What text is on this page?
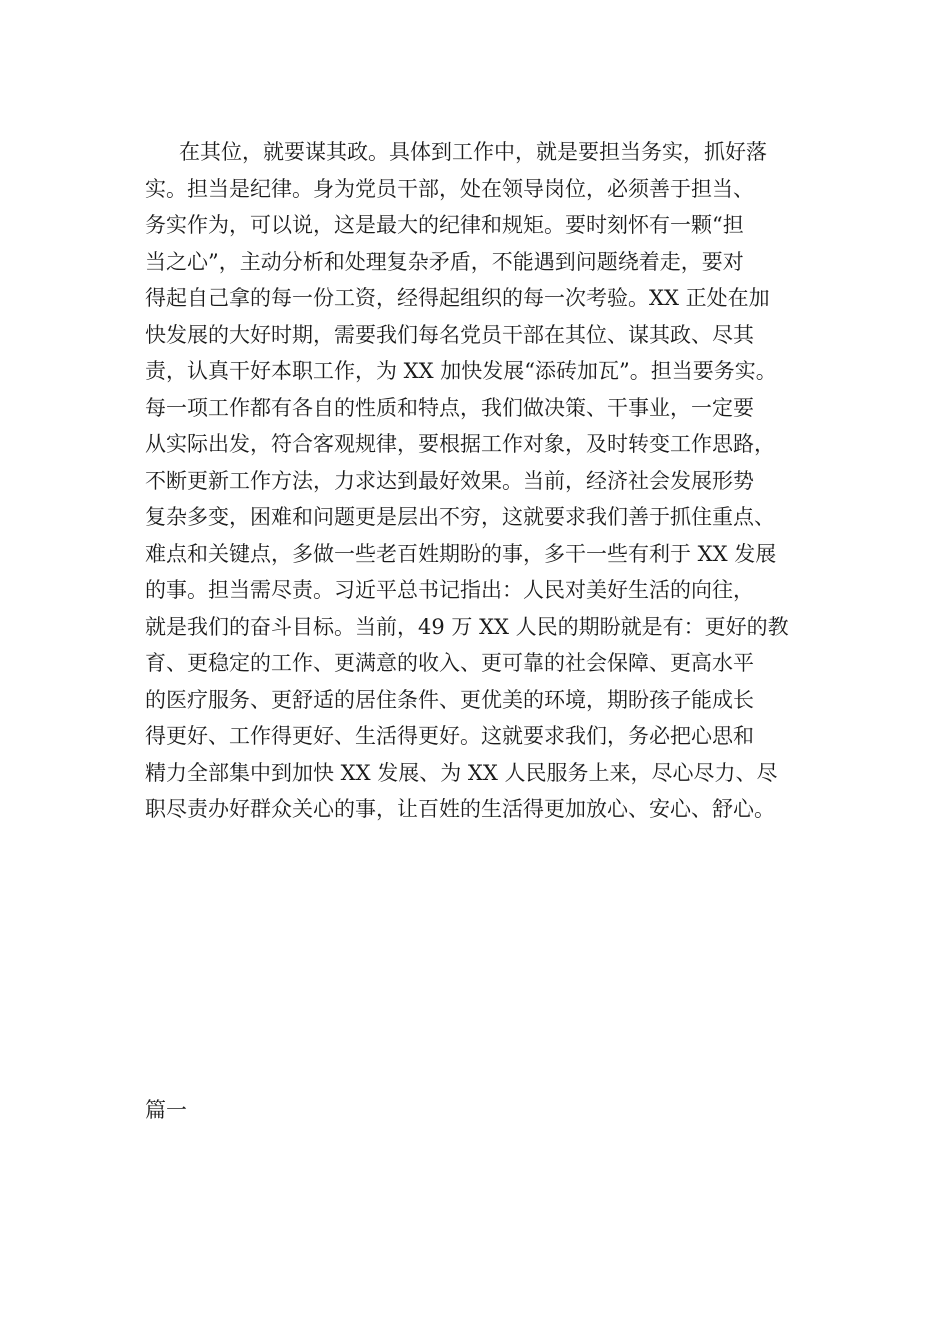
在其位，就要谋其政。具体到工作中，就是要担当务实，抓好落
实。担当是纪律。身为党员干部，处在领导岗位，必须善于担当、
务实作为，可以说，这是最大的纪律和规矩。要时刻怀有一颗“担
当之心”，主动分析和处理复杂矛盾，不能遇到问题绕着走，要对
得起自己拿的每一份工资，经得起组织的每一次考验。XX 正处在加
快发展的大好时期，需要我们每名党员干部在其位、谋其政、尽其
责，认真干好本职工作，为 XX 加快发展“添砖加瓦”。担当要务实。
每一项工作都有各自的性质和特点，我们做决策、干事业，一定要
从实际出发，符合客观规律，要根据工作对象，及时转变工作思路，
不断更新工作方法，力求达到最好效果。当前，经济社会发展形势
复杂多变，困难和问题更是层出不穷，这就要求我们善于抓住重点、
难点和关键点，多做一些老百姓期盼的事，多干一些有利于 XX 发展
的事。担当需尽责。习近平总书记指出：人民对美好生活的向往，
就是我们的奋斗目标。当前，49 万 XX 人民的期盼就是有：更好的教
育、更稳定的工作、更满意的收入、更可靠的社会保障、更高水平
的医疗服务、更舒适的居住条件、更优美的环境，期盼孩子能成长
得更好、工作得更好、生活得更好。这就要求我们，务必把心思和
精力全部集中到加快 XX 发展、为 XX 人民服务上来，尽心尽力、尽
职尽责办好群众关心的事，让百姓的生活得更加放心、安心、舒心。
篇一
